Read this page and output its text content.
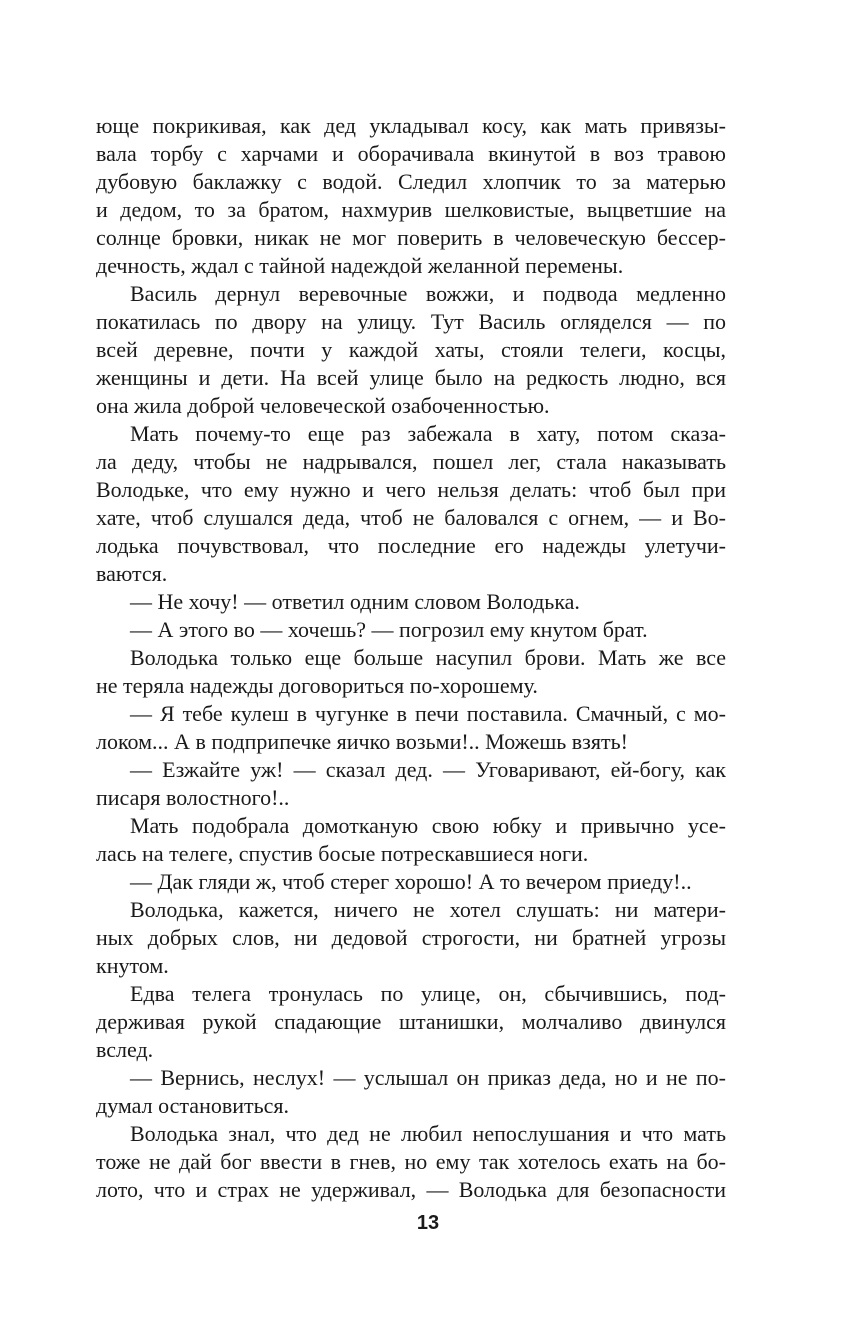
юще покрикивая, как дед укладывал косу, как мать привязы-
вала торбу с харчами и оборачивала вкинутой в воз травою
дубовую баклажку с водой. Следил хлопчик то за матерью
и дедом, то за братом, нахмурив шелковистые, выцветшие на
солнце бровки, никак не мог поверить в человеческую бессер-
дечность, ждал с тайной надеждой желанной перемены.
Василь дернул веревочные вожжи, и подвода медленно
покатилась по двору на улицу. Тут Василь огляделся — по
всей деревне, почти у каждой хаты, стояли телеги, косцы,
женщины и дети. На всей улице было на редкость людно, вся
она жила доброй человеческой озабоченностью.
Мать почему-то еще раз забежала в хату, потом сказа-
ла деду, чтобы не надрывался, пошел лег, стала наказывать
Володьке, что ему нужно и чего нельзя делать: чтоб был при
хате, чтоб слушался деда, чтоб не баловался с огнем, — и Во-
лодька почувствовал, что последние его надежды улетучи-
ваются.
— Не хочу! — ответил одним словом Володька.
— А этого во — хочешь? — погрозил ему кнутом брат.
Володька только еще больше насупил брови. Мать же все
не теряла надежды договориться по-хорошему.
— Я тебе кулеш в чугунке в печи поставила. Смачный, с мо-
локом... А в подприпечке яичко возьми!.. Можешь взять!
— Езжайте уж! — сказал дед. — Уговаривают, ей-богу, как
писаря волостного!..
Мать подобрала домотканую свою юбку и привычно усе-
лась на телеге, спустив босые потрескавшиеся ноги.
— Дак гляди ж, чтоб стерег хорошо! А то вечером приеду!..
Володька, кажется, ничего не хотел слушать: ни матери-
ных добрых слов, ни дедовой строгости, ни братней угрозы
кнутом.
Едва телега тронулась по улице, он, сбычившись, под-
держивая рукой спадающие штанишки, молчаливо двинулся
вслед.
— Вернись, неслух! — услышал он приказ деда, но и не по-
думал остановиться.
Володька знал, что дед не любил непослушания и что мать
тоже не дай бог ввести в гнев, но ему так хотелось ехать на бо-
лото, что и страх не удерживал, — Володька для безопасности
13
